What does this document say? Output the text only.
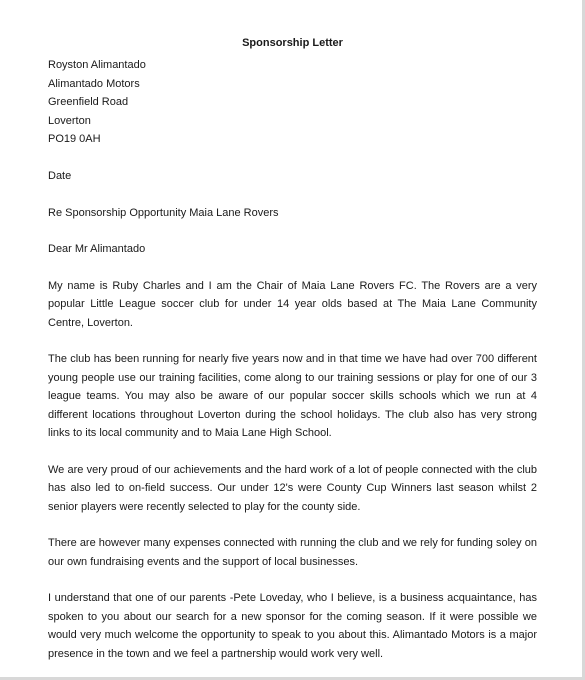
Sponsorship Letter
Royston Alimantado
Alimantado Motors
Greenfield Road
Loverton
PO19 0AH

Date

Re Sponsorship Opportunity Maia Lane Rovers

Dear Mr Alimantado

My name is Ruby Charles and I am the Chair of Maia Lane Rovers FC. The Rovers are a very popular Little League soccer club for under 14 year olds based at The Maia Lane Community Centre, Loverton.

The club has been running for nearly five years now and in that time we have had over 700 different young people use our training facilities, come along to our training sessions or play for one of our 3 league teams. You may also be aware of our popular soccer skills schools which we run at 4 different locations throughout Loverton during the school holidays. The club also has very strong links to its local community and to Maia Lane High School.

We are very proud of our achievements and the hard work of a lot of people connected with the club has also led to on-field success. Our under 12's were County Cup Winners last season whilst 2 senior players were recently selected to play for the county side.

There are however many expenses connected with running the club and we rely for funding soley on our own fundraising events and the support of local businesses.

I understand that one of our parents -Pete Loveday, who I believe, is a business acquaintance, has spoken to you about our search for a new sponsor for the coming season. If it were possible we would very much welcome the opportunity to speak to you about this. Alimantado Motors is a major presence in the town and we feel a partnership would work very well.
